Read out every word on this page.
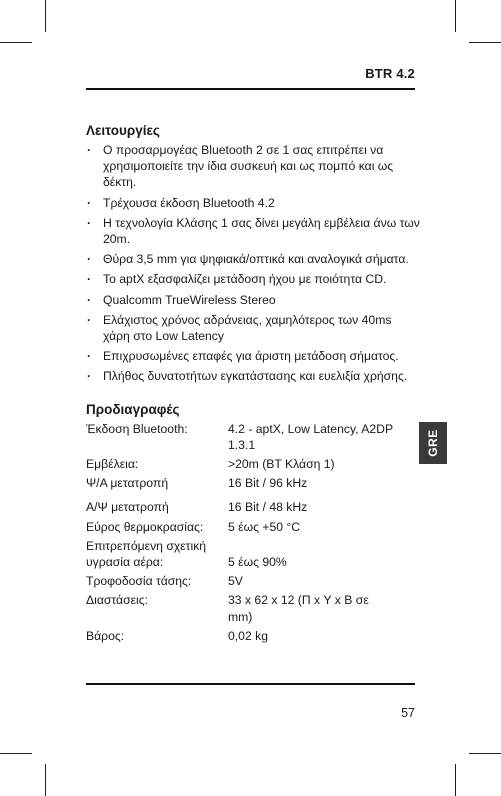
BTR 4.2
Λειτουργίες
· Ο προσαρμογέας Bluetooth 2 σε 1 σας επιτρέπει να χρησιμοποιείτε την ίδια συσκευή και ως πομπό και ως δέκτη.
· Τρέχουσα έκδοση Bluetooth 4.2
· Η τεχνολογία Κλάσης 1 σας δίνει μεγάλη εμβέλεια άνω των 20m.
· Θύρα 3,5 mm για ψηφιακά/οπτικά και αναλογικά σήματα.
· Το aptX εξασφαλίζει μετάδοση ήχου με ποιότητα CD.
· Qualcomm TrueWireless Stereo
· Ελάχιστος χρόνος αδράνειας, χαμηλότερος των 40ms χάρη στο Low Latency
· Επιχρυσωμένες επαφές για άριστη μετάδοση σήματος.
· Πλήθος δυνατοτήτων εγκατάστασης και ευελιξία χρήσης.
Προδιαγραφές
Έκδοση Bluetooth:	4.2 - aptX, Low Latency, A2DP 1.3.1
Εμβέλεια:	>20m (BT Κλάση 1)
Ψ/Α μετατροπή	16 Bit / 96 kHz
Α/Ψ μετατροπή	16 Bit / 48 kHz
Εύρος θερμοκρασίας:	5 έως +50 °C
Επιτρεπόμενη σχετική υγρασία αέρα:	5 έως 90%
Τροφοδοσία τάσης:	5V
Διαστάσεις:	33 x 62 x 12 (Π x Υ x Β σε mm)
Βάρος:	0,02 kg
GRE
57
